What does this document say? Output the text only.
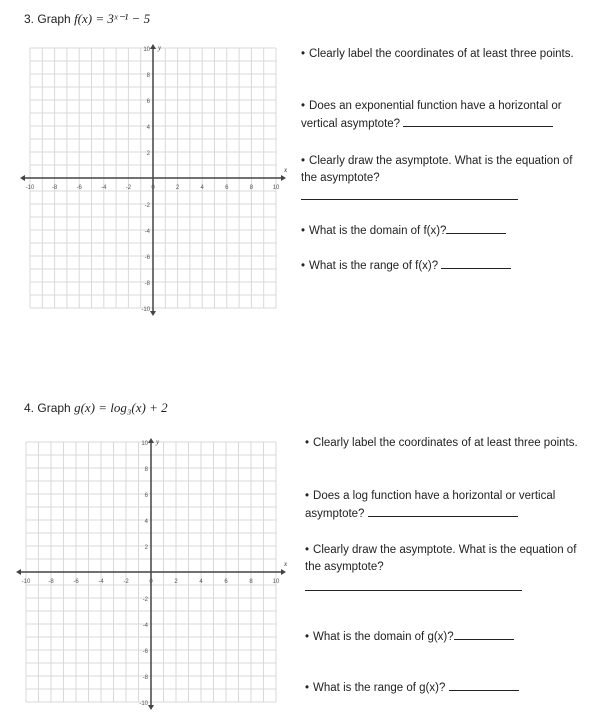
3. Graph f(x) = 3ˣ⁻¹ − 5
-10	-8	-6	-4	-2	0	2	4	6	8	10
10
8
6
4
2
-2
-4
-6
-8
-10
x
y	• Clearly label the coordinates of at least three points.
• Does an exponential function have a horizontal or vertical asymptote?
• Clearly draw the asymptote. What is the equation of the asymptote?
• What is the domain of f(x)?
• What is the range of f(x)?
4. Graph g(x) = log₃(x) + 2
-10	-8	-6	-4	-2	0	2	4	6	8	10
10
8
6
4
2
-2
-4
-6
-8
-10
x
y	• Clearly label the coordinates of at least three points.
• Does a log function have a horizontal or vertical asymptote?
• Clearly draw the asymptote. What is the equation of the asymptote?
• What is the domain of g(x)?
• What is the range of g(x)?
